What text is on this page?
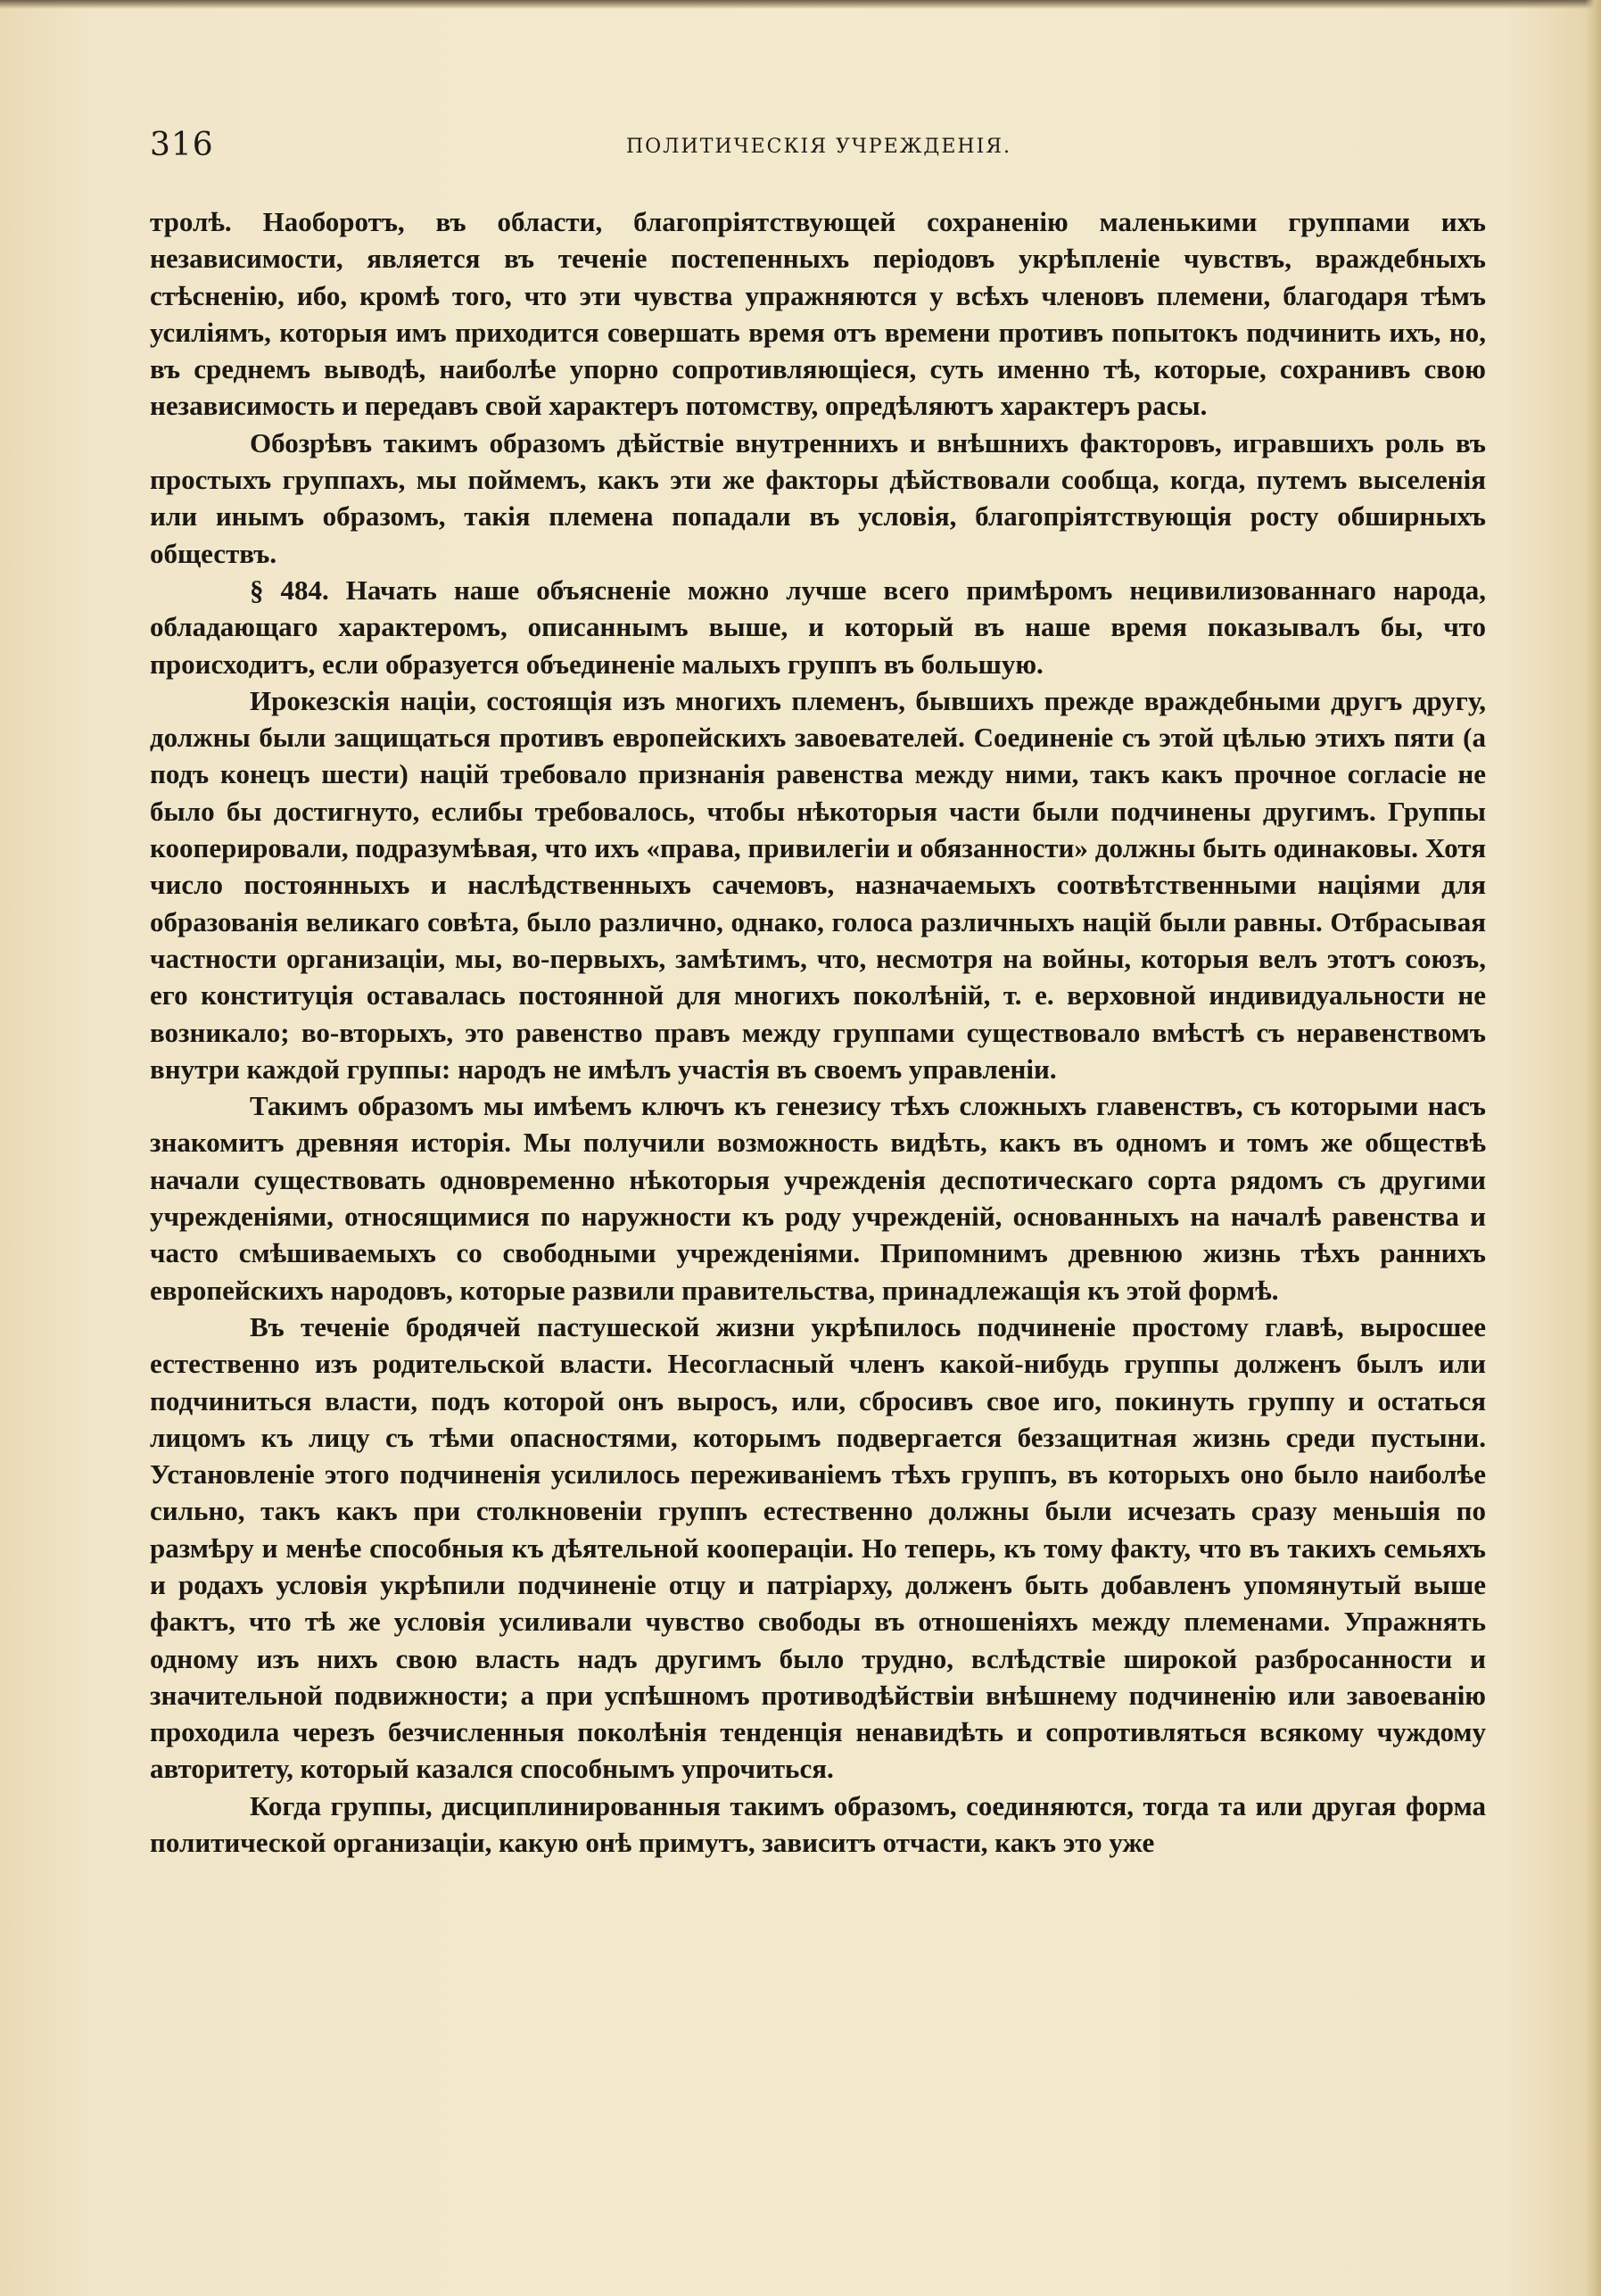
316	ПОЛИТИЧЕСКІЯ УЧРЕЖДЕНІЯ.

тролѣ. Наоборотъ, въ области, благопріятствующей сохраненію маленькими группами ихъ независимости, является въ теченіе постепенныхъ періодовъ укрѣпленіе чувствъ, враждебныхъ стѣсненію, ибо, кромѣ того, что эти чувства упражняются у всѣхъ членовъ племени, благодаря тѣмъ усиліямъ, которыя имъ приходится совершать время отъ времени противъ попытокъ подчинить ихъ, но, въ среднемъ выводѣ, наиболѣе упорно сопротивляющіеся, суть именно тѣ, которые, сохранивъ свою независимость и передавъ свой характеръ потомству, опредѣляютъ характеръ расы.

Обозрѣвъ такимъ образомъ дѣйствіе внутреннихъ и внѣшнихъ факторовъ, игравшихъ роль въ простыхъ группахъ, мы поймемъ, какъ эти же факторы дѣйствовали сообща, когда, путемъ выселенія или инымъ образомъ, такія племена попадали въ условія, благопріятствующія росту обширныхъ обществъ.

§ 484. Начать наше объясненіе можно лучше всего примѣромъ нецивилизованнаго народа, обладающаго характеромъ, описаннымъ выше, и который въ наше время показывалъ бы, что происходитъ, если образуется объединеніе малыхъ группъ въ большую.

Ирокезскія націи, состоящія изъ многихъ племенъ, бывшихъ прежде враждебными другъ другу, должны были защищаться противъ европейскихъ завоевателей. Соединеніе съ этой цѣлью этихъ пяти (а подъ конецъ шести) націй требовало признанія равенства между ними, такъ какъ прочное согласіе не было бы достигнуто, еслибы требовалось, чтобы нѣкоторыя части были подчинены другимъ. Группы кооперировали, подразумѣвая, что ихъ «права, привилегіи и обязанности» должны быть одинаковы. Хотя число постоянныхъ и наслѣдственныхъ сачемовъ, назначаемыхъ соотвѣтственными націями для образованія великаго совѣта, было различно, однако, голоса различныхъ націй были равны. Отбрасывая частности организаціи, мы, во-первыхъ, замѣтимъ, что, несмотря на войны, которыя велъ этотъ союзъ, его конституція оставалась постоянной для многихъ поколѣній, т. е. верховной индивидуальности не возникало; во-вторыхъ, это равенство правъ между группами существовало вмѣстѣ съ неравенствомъ внутри каждой группы: народъ не имѣлъ участія въ своемъ управленіи.

Такимъ образомъ мы имѣемъ ключъ къ генезису тѣхъ сложныхъ главенствъ, съ которыми насъ знакомитъ древняя исторія. Мы получили возможность видѣть, какъ въ одномъ и томъ же обществѣ начали существовать одновременно нѣкоторыя учрежденія деспотическаго сорта рядомъ съ другими учрежденіями, относящимися по наружности къ роду учрежденій, основанныхъ на началѣ равенства и часто смѣшиваемыхъ со свободными учрежденіями. Припомнимъ древнюю жизнь тѣхъ раннихъ европейскихъ народовъ, которые развили правительства, принадлежащія къ этой формѣ.

Въ теченіе бродячей пастушеской жизни укрѣпилось подчиненіе простому главѣ, выросшее естественно изъ родительской власти. Несогласный членъ какой-нибудь группы долженъ былъ или подчиниться власти, подъ которой онъ выросъ, или, сбросивъ свое иго, покинуть группу и остаться лицомъ къ лицу съ тѣми опасностями, которымъ подвергается беззащитная жизнь среди пустыни. Установленіе этого подчиненія усилилось переживаніемъ тѣхъ группъ, въ которыхъ оно было наиболѣе сильно, такъ какъ при столкновеніи группъ естественно должны были исчезать сразу меньшія по размѣру и менѣе способныя къ дѣятельной коопераціи. Но теперь, къ тому факту, что въ такихъ семьяхъ и родахъ условія укрѣпили подчиненіе отцу и патріарху, долженъ быть добавленъ упомянутый выше фактъ, что тѣ же условія усиливали чувство свободы въ отношеніяхъ между племенами. Упражнять одному изъ нихъ свою власть надъ другимъ было трудно, вслѣдствіе широкой разбросанности и значительной подвижности; а при успѣшномъ противодѣйствіи внѣшнему подчиненію или завоеванію проходила черезъ безчисленныя поколѣнія тенденція ненавидѣть и сопротивляться всякому чуждому авторитету, который казался способнымъ упрочиться.

Когда группы, дисциплинированныя такимъ образомъ, соединяются, тогда та или другая форма политической организаціи, какую онѣ примутъ, зависитъ отчасти, какъ это уже
